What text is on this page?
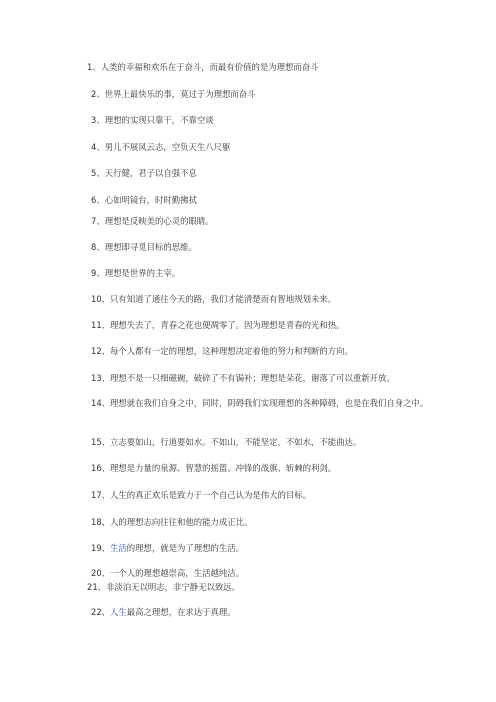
1、人类的幸福和欢乐在于奋斗，而最有价值的是为理想而奋斗
2、世界上最快乐的事，莫过于为理想而奋斗
3、理想的实现只靠干，不靠空谈
4、男儿不展风云志，空负天生八尺躯
5、天行健，君子以自强不息
6、心如明镜台，时时勤拂拭
7、理想是反映美的心灵的眼睛。
8、理想即寻觅目标的思维。
9、理想是世界的主宰。
10、只有知道了通往今天的路，我们才能清楚而有智地规划未来。
11、理想失去了，青春之花也便凋零了。因为理想是青春的光和热。
12、每个人都有一定的理想，这种理想决定着他的努力和判断的方向。
13、理想不是一只细磁碗，破碎了不有锔补；理想是朵花，谢落了可以重新开放。
14、理想就在我们自身之中，同时，阴碍我们实现理想的各种障碍，也是在我们自身之中。
15、立志要如山，行道要如水。不如山，不能坚定，不如水，不能曲达。
16、理想是力量的泉源、智慧的摇篮、冲锋的战旗、斩棘的利剑。
17、人生的真正欢乐是致力于一个自己认为是伟大的目标。
18、人的理想志向往往和他的能力成正比。
19、生活的理想，就是为了理想的生活。
20、一个人的理想越崇高，生活越纯洁。
21、非淡泊无以明志，非宁静无以致远。
22、人生最高之理想，在求达于真理。
